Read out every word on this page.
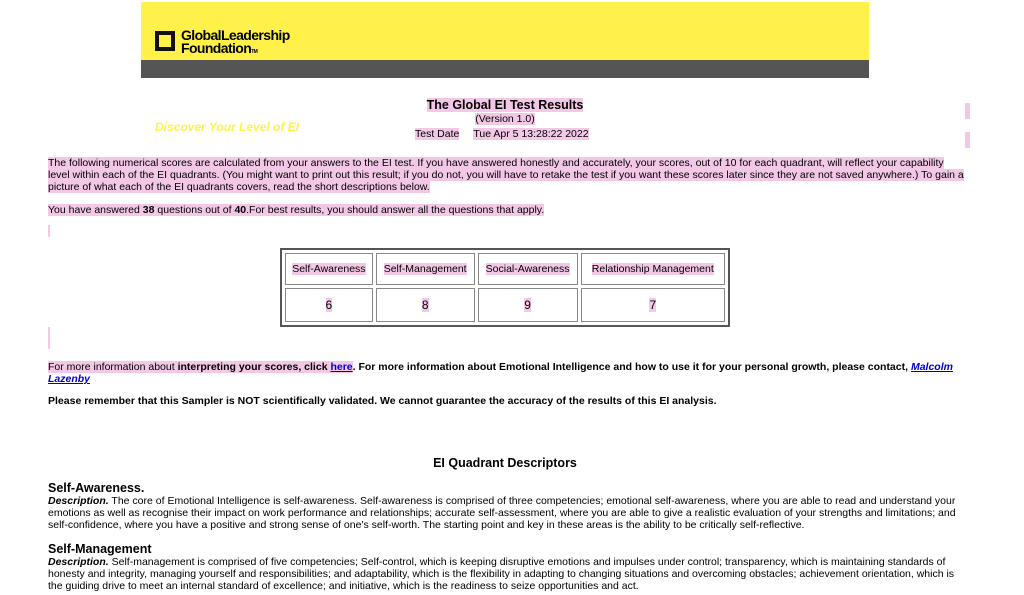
GlobalLeadership
FoundationTM
Discover Your Level of EI
The Global EI Test Results
(Version 1.0)
Test Date Tue Apr 5 13:28:22 2022
The following numerical scores are calculated from your answers to the EI test. If you have answered honestly and accurately, your scores, out of 10 for each quadrant, will reflect your capability level within each of the EI quadrants. (You might want to print out this result; if you do not, you will have to retake the test if you want these scores later since they are not saved anywhere.) To gain a picture of what each of the EI quadrants covers, read the short descriptions below.
You have answered 38 questions out of 40.For best results, you should answer all the questions that apply.
Self-Awareness	Self-Management	Social-Awareness	Relationship Management
6	8	9	7
For more information about interpreting your scores, click here. For more information about Emotional Intelligence and how to use it for your personal growth, please contact, Malcolm Lazenby
Please remember that this Sampler is NOT scientifically validated. We cannot guarantee the accuracy of the results of this EI analysis.
EI Quadrant Descriptors
Self-Awareness.
Description. The core of Emotional Intelligence is self-awareness. Self-awareness is comprised of three competencies; emotional self-awareness, where you are able to read and understand your emotions as well as recognise their impact on work performance and relationships; accurate self-assessment, where you are able to give a realistic evaluation of your strengths and limitations; and self-confidence, where you have a positive and strong sense of one's self-worth. The starting point and key in these areas is the ability to be critically self-reflective.
Self-Management
Description. Self-management is comprised of five competencies; Self-control, which is keeping disruptive emotions and impulses under control; transparency, which is maintaining standards of honesty and integrity, managing yourself and responsibilities; and adaptability, which is the flexibility in adapting to changing situations and overcoming obstacles; achievement orientation, which is the guiding drive to meet an internal standard of excellence; and initiative, which is the readiness to seize opportunities and act.
